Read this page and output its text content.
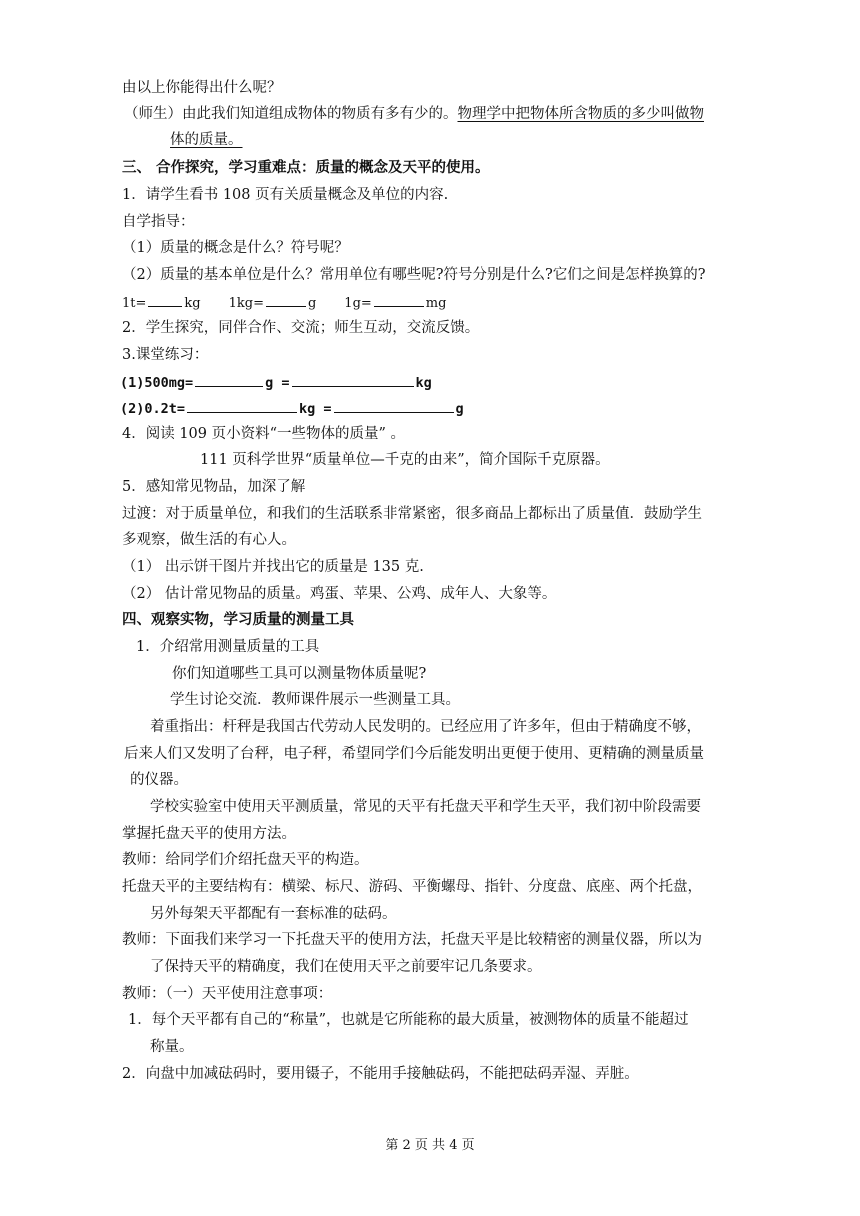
由以上你能得出什么呢？
（师生）由此我们知道组成物体的物质有多有少的。物理学中把物体所含物质的多少叫做物
体的质量。
三、 合作探究，学习重难点：质量的概念及天平的使用。
1．请学生看书 108 页有关质量概念及单位的内容.
自学指导：
（1）质量的概念是什么？符号呢？
（2）质量的基本单位是什么？常用单位有哪些呢?符号分别是什么?它们之间是怎样换算的?
1t=	kg 1kg=	g 1g=	mg
2．学生探究，同伴合作、交流；师生互动，交流反馈。
3.课堂练习：
(1)500mg=	g =	kg
(2)0.2t=	kg =	g
4．阅读 109 页小资料“一些物体的质量” 。
111 页科学世界“质量单位—千克的由来”，简介国际千克原器。
5．感知常见物品，加深了解
过渡：对于质量单位，和我们的生活联系非常紧密，很多商品上都标出了质量值．鼓励学生
多观察，做生活的有心人。
（1） 出示饼干图片并找出它的质量是 135 克.
（2） 估计常见物品的质量。鸡蛋、苹果、公鸡、成年人、大象等。
四、观察实物，学习质量的测量工具
1．介绍常用测量质量的工具
你们知道哪些工具可以测量物体质量呢?
学生讨论交流．教师课件展示一些测量工具。
着重指出：杆秤是我国古代劳动人民发明的。已经应用了许多年，但由于精确度不够，
后来人们又发明了台秤，电子秤，希望同学们今后能发明出更便于使用、更精确的测量质量
的仪器。
学校实验室中使用天平测质量，常见的天平有托盘天平和学生天平，我们初中阶段需要
掌握托盘天平的使用方法。
教师：给同学们介绍托盘天平的构造。
托盘天平的主要结构有：横梁、标尺、游码、平衡螺母、指针、分度盘、底座、两个托盘，
另外每架天平都配有一套标准的砝码。
教师：下面我们来学习一下托盘天平的使用方法，托盘天平是比较精密的测量仪器，所以为
了保持天平的精确度，我们在使用天平之前要牢记几条要求。
教师：（一）天平使用注意事项：
1．每个天平都有自己的“称量”，也就是它所能称的最大质量，被测物体的质量不能超过
称量。
2．向盘中加减砝码时，要用镊子，不能用手接触砝码，不能把砝码弄湿、弄脏。
第 2 页 共 4 页
